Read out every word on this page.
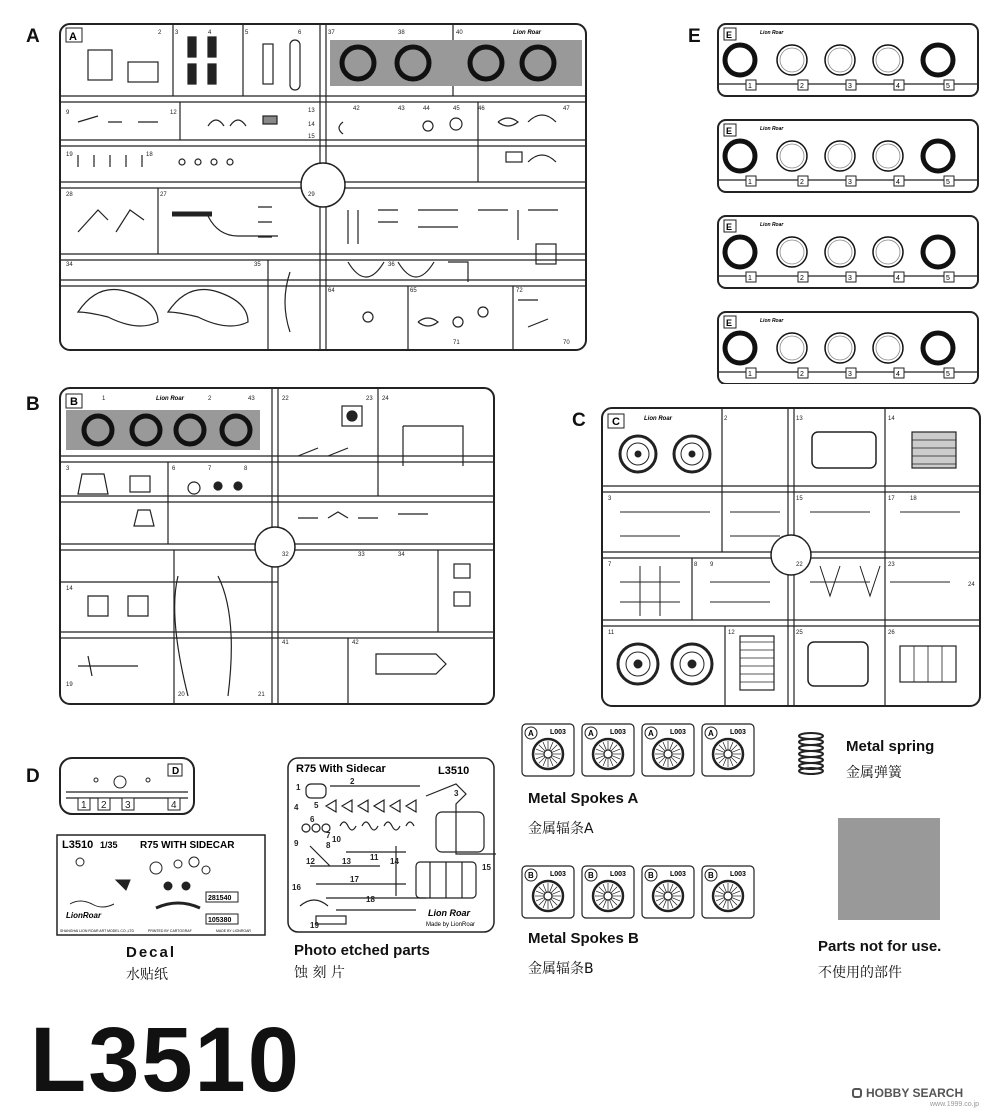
A	A	2 3	4	5	6	37	38	40
9	12	13
14
15
42	43	44	45	46	47
19	18
28	27	29
34	35	36
64	65	72
71	70
Lion Roar	E	E	Lion Roar
1	2	3	4	5
E	Lion Roar
1	2	3	4	5
E	Lion Roar
1	2	3	4	5
E	Lion Roar
1	2	3	4	5
B	B	Lion Roar
1	2	43
3	6	7	8
14
19
20	21
22	23 24
32	33	34
41	42
C C	Lion Roar	2	13	14
3	15	17	18
7	8 9	22	23
24
11	12	25	26
D	D
1 2 3	4
L3510 1/35 R75 WITH SIDECAR
281540
105380
LionRoar
SHANGHAI LION ROAR ART MODEL CO.,LTD	PRINTED BY CARTOGRAF	MADE BY LIONROAR
Decal
水贴纸
R75 With Sidecar	L3510
1
2
3
4 5
6
7
8
9	10
11
12	13	14
15
16
17
18
19
Lion Roar
Made by LionRoar
Photo etched parts
蚀 刻 片
A L003	A L003	A L003	A L003
Metal Spokes A
金属辐条A
B L003	B L003	B L003	B L003
Metal Spokes B
金属辐条B
Metal spring
金属弹簧
Parts not for use.
不使用的部件
L3510	HOBBY SEARCH
www.1999.co.jp
